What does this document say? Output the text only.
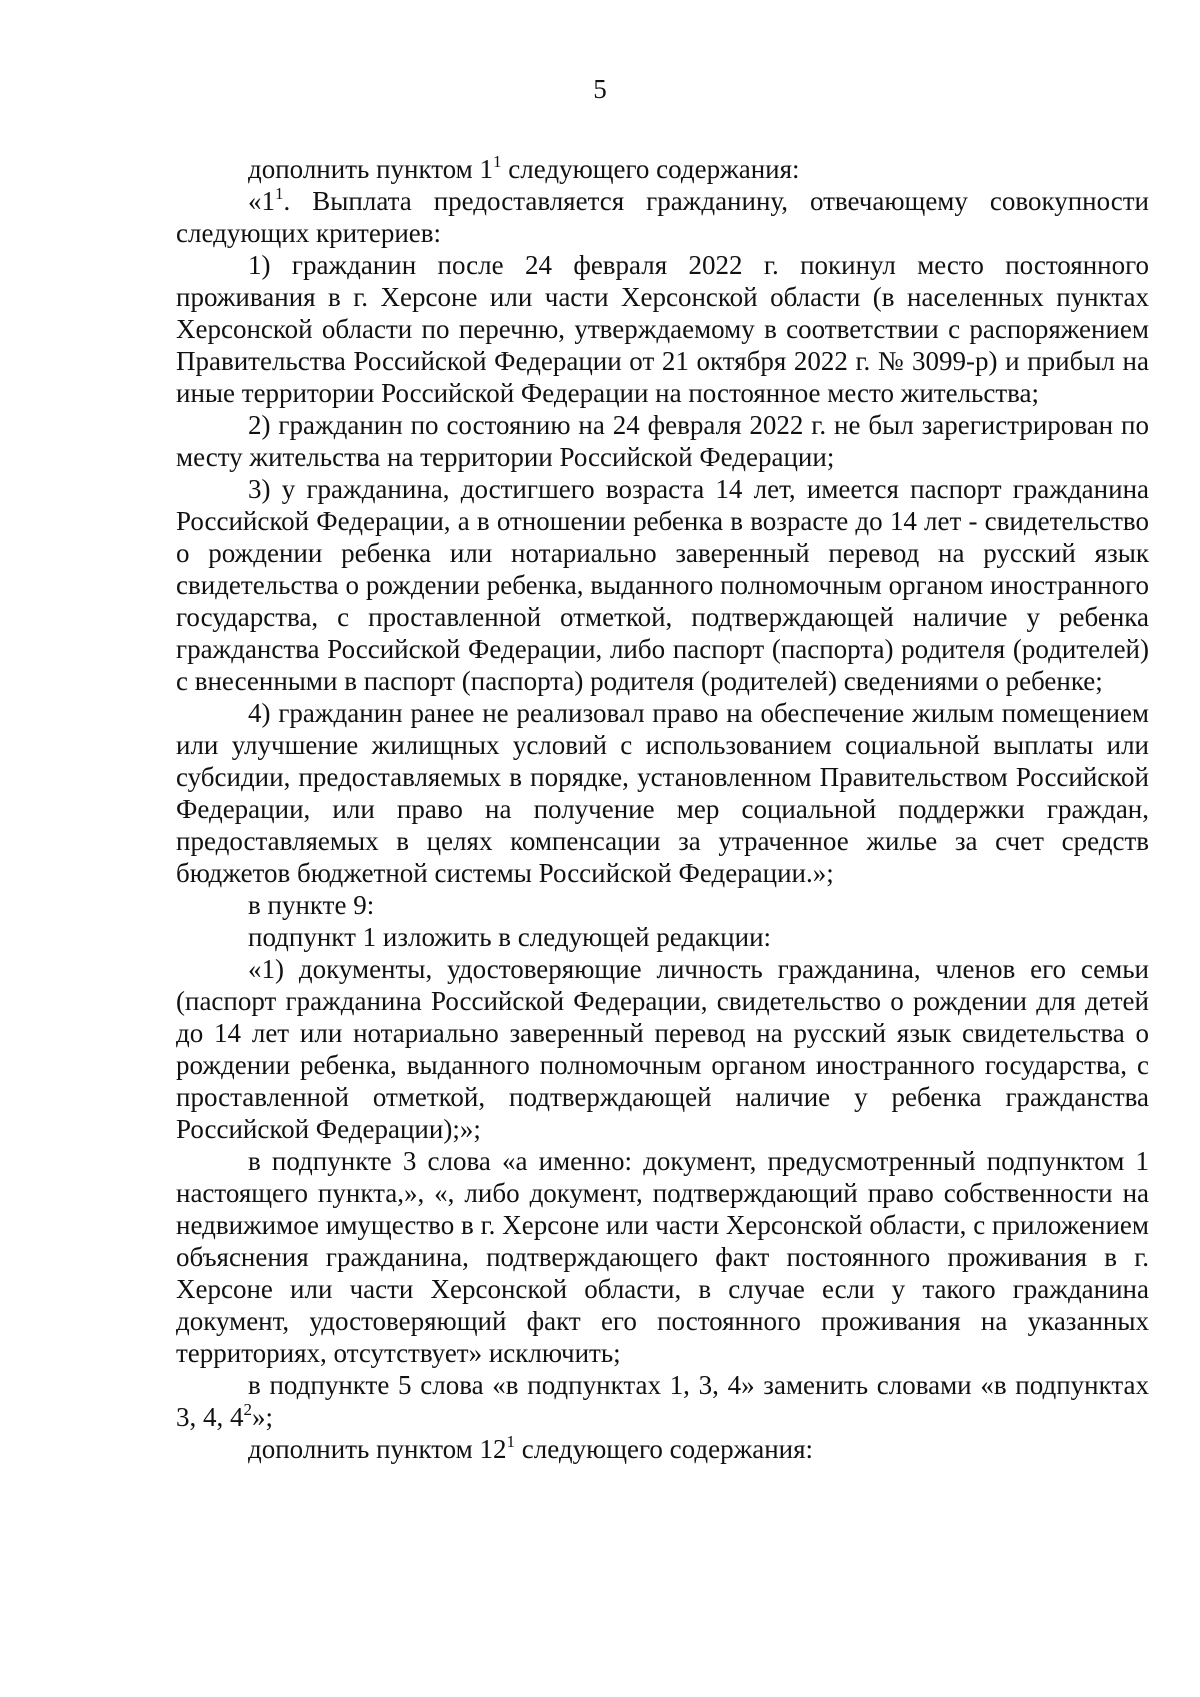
5

дополнить пунктом $1^1$ следующего содержания:

«$1^1$. Выплата предоставляется гражданину, отвечающему совокупности следующих критериев:

1) гражданин после 24 февраля 2022 г. покинул место постоянного проживания в г. Херсоне или части Херсонской области (в населенных пунктах Херсонской области по перечню, утверждаемому в соответствии с распоряжением Правительства Российской Федерации от 21 октября 2022 г. № 3099-р) и прибыл на иные территории Российской Федерации на постоянное место жительства;

2) гражданин по состоянию на 24 февраля 2022 г. не был зарегистрирован по месту жительства на территории Российской Федерации;

3) у гражданина, достигшего возраста 14 лет, имеется паспорт гражданина Российской Федерации, а в отношении ребенка в возрасте до 14 лет - свидетельство о рождении ребенка или нотариально заверенный перевод на русский язык свидетельства о рождении ребенка, выданного полномочным органом иностранного государства, с проставленной отметкой, подтверждающей наличие у ребенка гражданства Российской Федерации, либо паспорт (паспорта) родителя (родителей) с внесенными в паспорт (паспорта) родителя (родителей) сведениями о ребенке;

4) гражданин ранее не реализовал право на обеспечение жилым помещением или улучшение жилищных условий с использованием социальной выплаты или субсидии, предоставляемых в порядке, установленном Правительством Российской Федерации, или право на получение мер социальной поддержки граждан, предоставляемых в целях компенсации за утраченное жилье за счет средств бюджетов бюджетной системы Российской Федерации.»;

в пункте 9:

подпункт 1 изложить в следующей редакции:

«1) документы, удостоверяющие личность гражданина, членов его семьи (паспорт гражданина Российской Федерации, свидетельство о рождении для детей до 14 лет или нотариально заверенный перевод на русский язык свидетельства о рождении ребенка, выданного полномочным органом иностранного государства, с проставленной отметкой, подтверждающей наличие у ребенка гражданства Российской Федерации);»;

в подпункте 3 слова «а именно: документ, предусмотренный подпунктом 1 настоящего пункта,», «, либо документ, подтверждающий право собственности на недвижимое имущество в г. Херсоне или части Херсонской области, с приложением объяснения гражданина, подтверждающего факт постоянного проживания в г. Херсоне или части Херсонской области, в случае если у такого гражданина документ, удостоверяющий факт его постоянного проживания на указанных территориях, отсутствует» исключить;

в подпункте 5 слова «в подпунктах 1, 3, 4» заменить словами «в подпунктах 3, 4, $4^2$»;

дополнить пунктом $12^1$ следующего содержания:
